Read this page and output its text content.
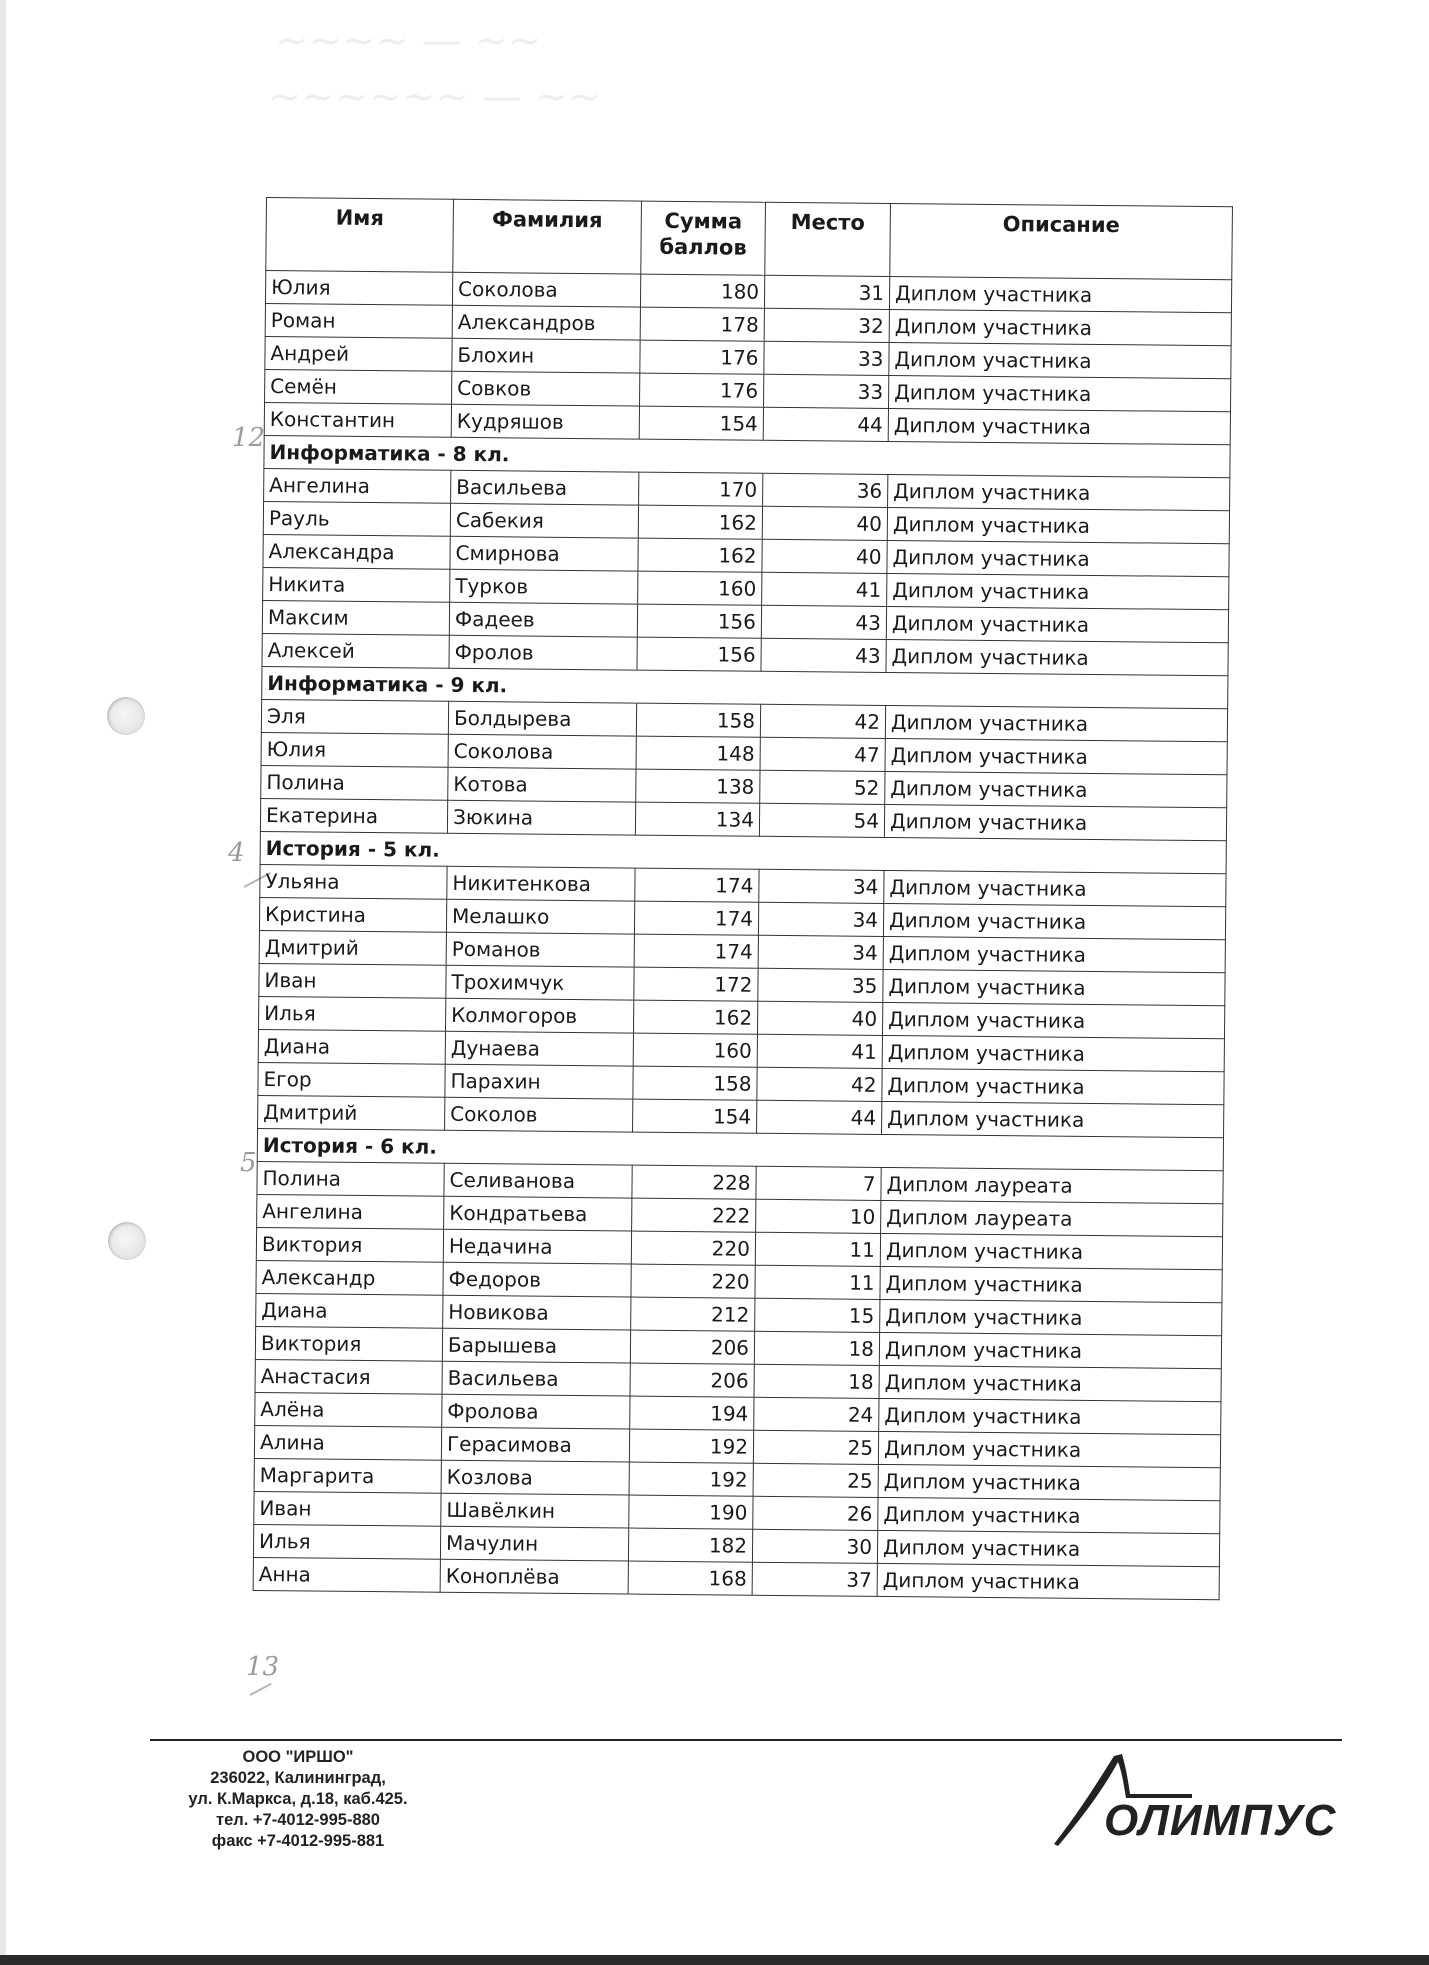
~~~~ — ~~
~~~~~~ — ~~
12
4
5
13
Имя	Фамилия	Сумма баллов	Место	Описание
Юлия	Соколова	180	31	Диплом участника
Роман	Александров	178	32	Диплом участника
Андрей	Блохин	176	33	Диплом участника
Семён	Совков	176	33	Диплом участника
Константин	Кудряшов	154	44	Диплом участника
Информатика - 8 кл.				
Ангелина	Васильева	170	36	Диплом участника
Рауль	Сабекия	162	40	Диплом участника
Александра	Смирнова	162	40	Диплом участника
Никита	Турков	160	41	Диплом участника
Максим	Фадеев	156	43	Диплом участника
Алексей	Фролов	156	43	Диплом участника
Информатика - 9 кл.				
Эля	Болдырева	158	42	Диплом участника
Юлия	Соколова	148	47	Диплом участника
Полина	Котова	138	52	Диплом участника
Екатерина	Зюкина	134	54	Диплом участника
История - 5 кл.				
Ульяна	Никитенкова	174	34	Диплом участника
Кристина	Мелашко	174	34	Диплом участника
Дмитрий	Романов	174	34	Диплом участника
Иван	Трохимчук	172	35	Диплом участника
Илья	Колмогоров	162	40	Диплом участника
Диана	Дунаева	160	41	Диплом участника
Егор	Парахин	158	42	Диплом участника
Дмитрий	Соколов	154	44	Диплом участника
История - 6 кл.				
Полина	Селиванова	228	7	Диплом лауреата
Ангелина	Кондратьева	222	10	Диплом лауреата
Виктория	Недачина	220	11	Диплом участника
Александр	Федоров	220	11	Диплом участника
Диана	Новикова	212	15	Диплом участника
Виктория	Барышева	206	18	Диплом участника
Анастасия	Васильева	206	18	Диплом участника
Алёна	Фролова	194	24	Диплом участника
Алина	Герасимова	192	25	Диплом участника
Маргарита	Козлова	192	25	Диплом участника
Иван	Шавёлкин	190	26	Диплом участника
Илья	Мачулин	182	30	Диплом участника
Анна	Коноплёва	168	37	Диплом участника
ООО "ИРШО"
236022, Калининград,
ул. К.Маркса, д.18, каб.425.
тел. +7-4012-995-880
факс +7-4012-995-881	ОЛИМПУС
